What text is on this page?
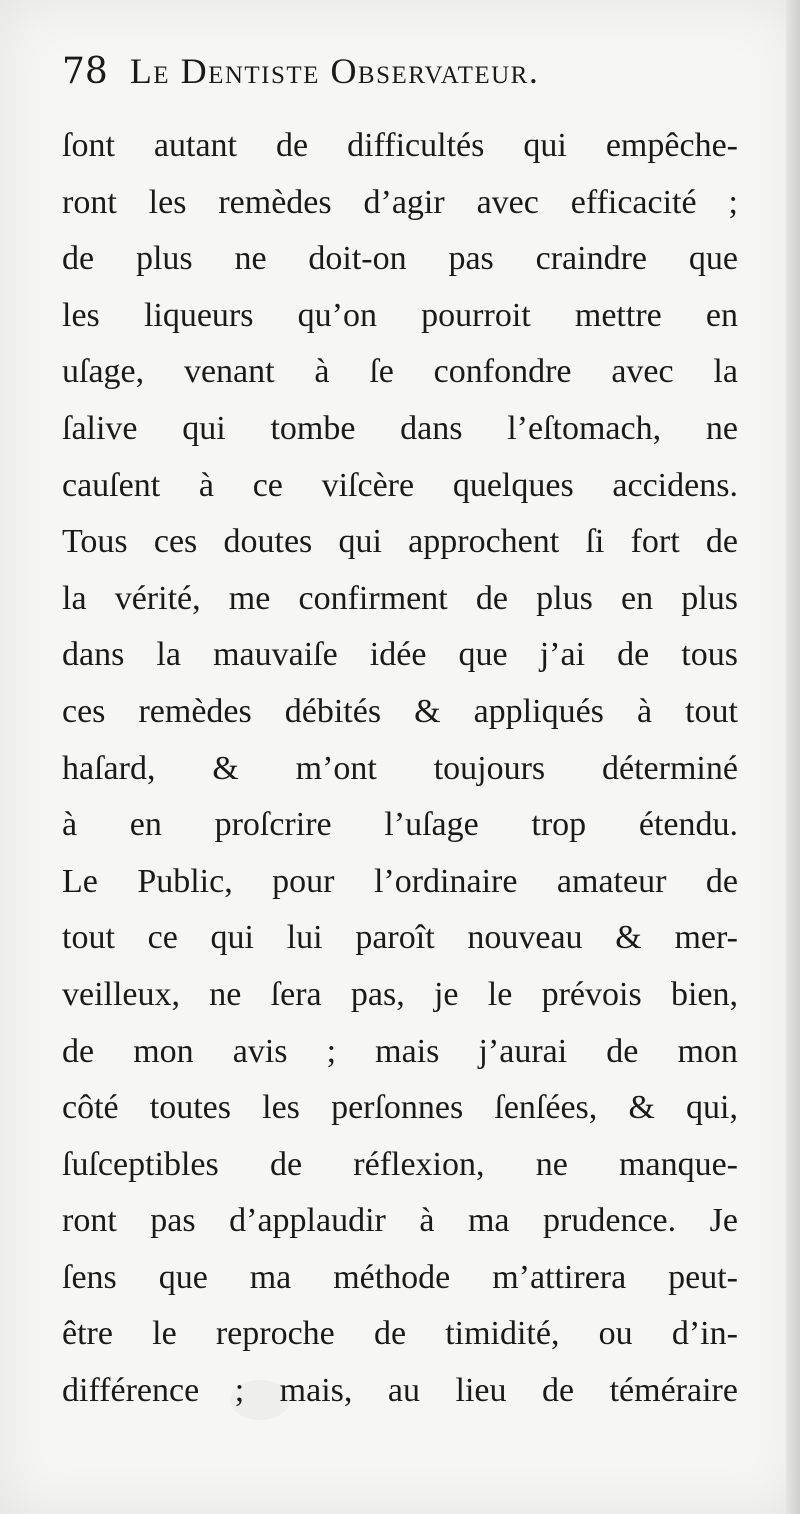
78 Le Dentiste Observateur.
ſont autant de difficultés qui empêche-
ront les remèdes d’agir avec efficacité ;
de plus ne doit-on pas craindre que
les liqueurs qu’on pourroit mettre en
uſage, venant à ſe confondre avec la
ſalive qui tombe dans l’eſtomach, ne
cauſent à ce viſcère quelques accidens.
Tous ces doutes qui approchent ſi fort de
la vérité, me confirment de plus en plus
dans la mauvaiſe idée que j’ai de tous
ces remèdes débités & appliqués à tout
haſard, & m’ont toujours déterminé
à en proſcrire l’uſage trop étendu.
Le Public, pour l’ordinaire amateur de
tout ce qui lui paroît nouveau & mer-
veilleux, ne ſera pas, je le prévois bien,
de mon avis ; mais j’aurai de mon
côté toutes les perſonnes ſenſées, & qui,
ſuſceptibles de réflexion, ne manque-
ront pas d’applaudir à ma prudence. Je
ſens que ma méthode m’attirera peut-
être le reproche de timidité, ou d’in-
différence ; mais, au lieu de téméraire
